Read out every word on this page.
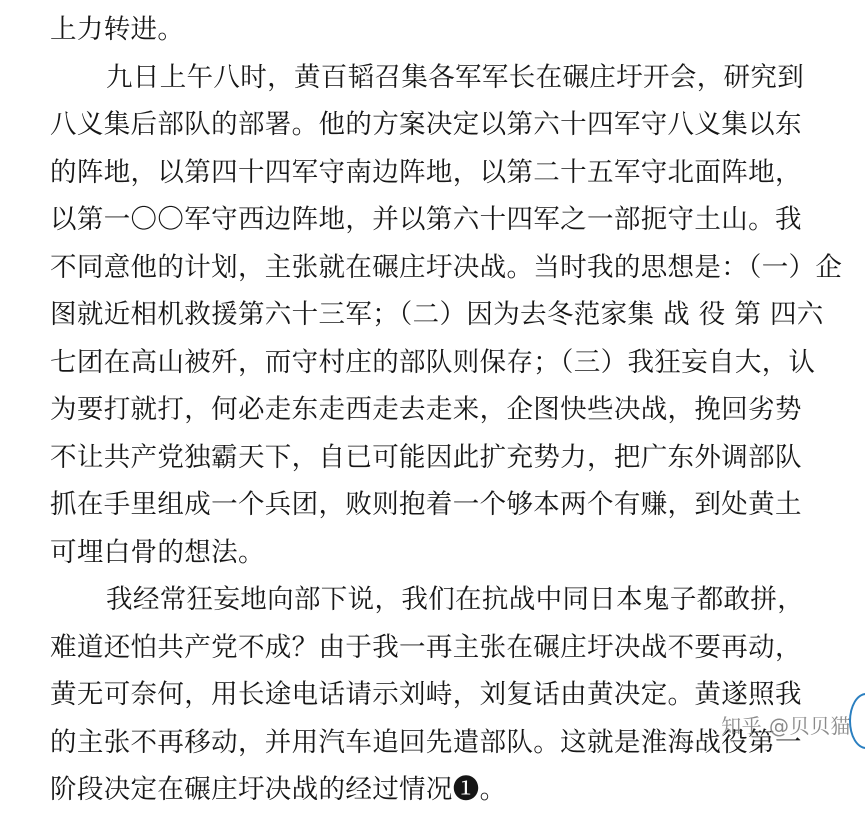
上力转进。
九日上午八时，黄百韬召集各军军长在碾庄圩开会，研究到
八义集后部队的部署。他的方案决定以第六十四军守八义集以东
的阵地，以第四十四军守南边阵地，以第二十五军守北面阵地，
以第一〇〇军守西边阵地，并以第六十四军之一部扼守土山。我
不同意他的计划，主张就在碾庄圩决战。当时我的思想是：（一）企
图就近相机救援第六十三军；（二）因为去冬范家集 战 役 第 四六
七团在高山被歼，而守村庄的部队则保存；（三）我狂妄自大，认
为要打就打，何必走东走西走去走来，企图快些决战，挽回劣势
不让共产党独霸天下，自已可能因此扩充势力，把广东外调部队
抓在手里组成一个兵团，败则抱着一个够本两个有赚，到处黄土
可埋白骨的想法。
我经常狂妄地向部下说，我们在抗战中同日本鬼子都敢拼，
难道还怕共产党不成？由于我一再主张在碾庄圩决战不要再动，
黄无可奈何，用长途电话请示刘峙，刘复话由黄决定。黄遂照我
的主张不再移动，并用汽车追回先遣部队。这就是淮海战役第一
阶段决定在碾庄圩决战的经过情况❶。
知乎 @贝贝猫
